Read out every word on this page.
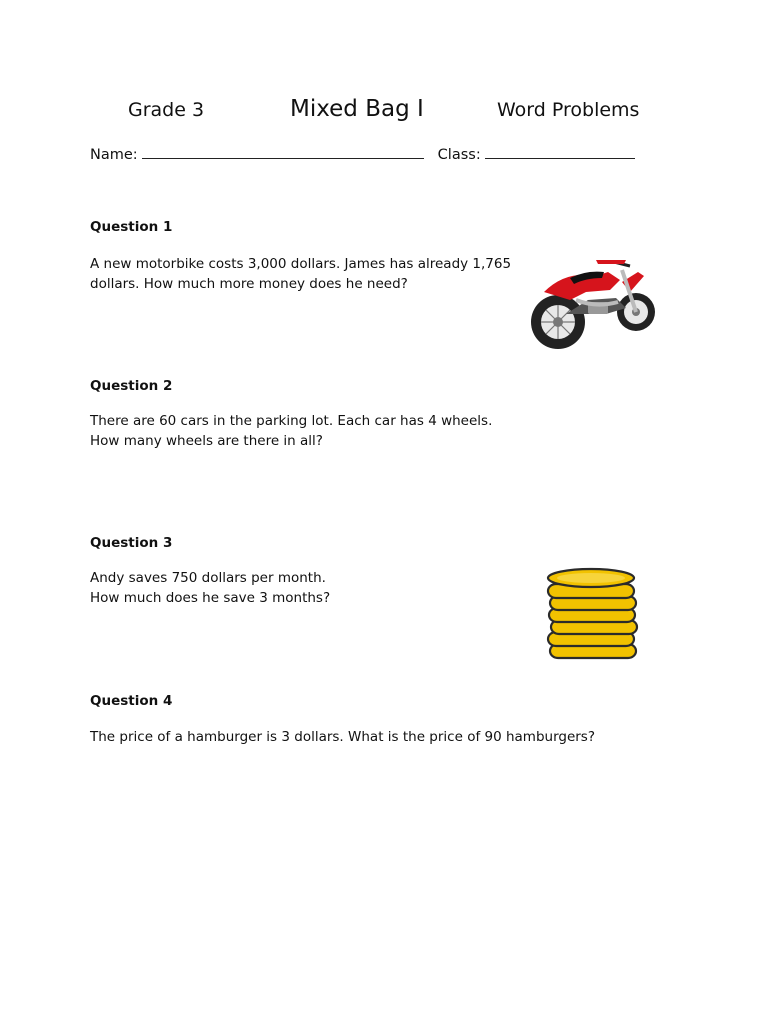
Grade 3	Mixed Bag I	Word Problems
Name:	Class:
Question 1
A new motorbike costs 3,000 dollars. James has already 1,765
dollars. How much more money does he need?
Question 2
There are 60 cars in the parking lot. Each car has 4 wheels.
How many wheels are there in all?
Question 3
Andy saves 750 dollars per month.
How much does he save 3 months?
Question 4
The price of a hamburger is 3 dollars. What is the price of 90 hamburgers?
